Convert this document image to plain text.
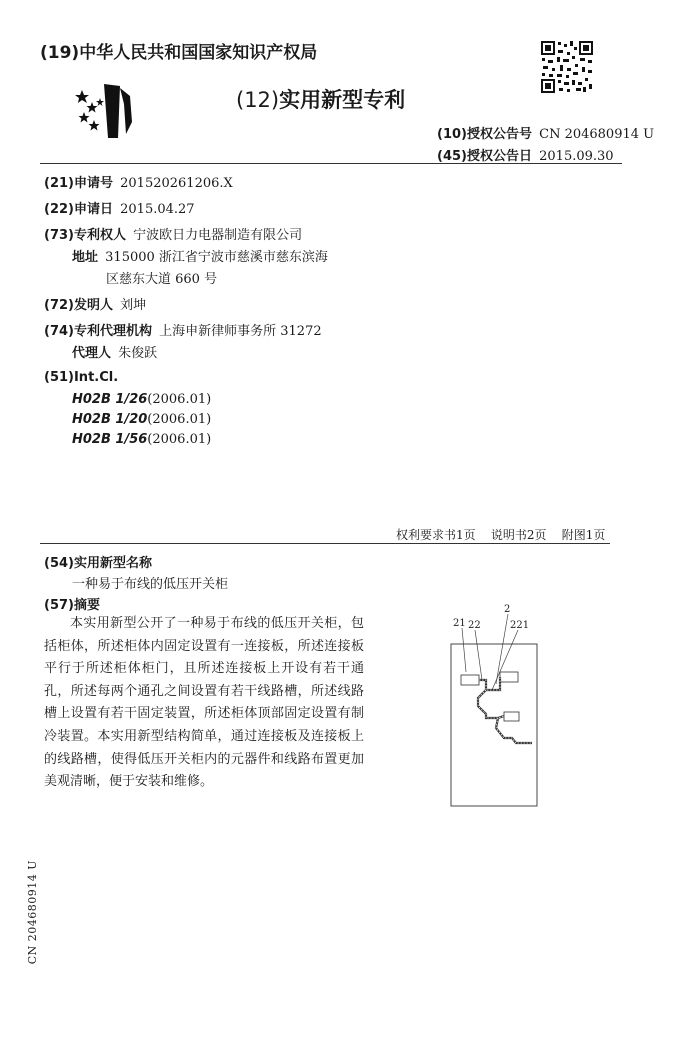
(19)中华人民共和国国家知识产权局
(12)实用新型专利
(10)授权公告号 CN 204680914 U
(45)授权公告日 2015.09.30
(21)申请号 201520261206.X
(22)申请日 2015.04.27
(73)专利权人 宁波欧日力电器制造有限公司
地址 315000 浙江省宁波市慈溪市慈东滨海
区慈东大道 660 号
(72)发明人 刘坤
(74)专利代理机构 上海申新律师事务所 31272
代理人 朱俊跃
(51)Int.Cl.
H02B 1/26(2006.01)
H02B 1/20(2006.01)
H02B 1/56(2006.01)
权利要求书1页    说明书2页    附图1页
(54)实用新型名称
一种易于布线的低压开关柜
(57)摘要
本实用新型公开了一种易于布线的低压开关柜，包括柜体，所述柜体内固定设置有一连接板，所述连接板平行于所述柜体柜门，且所述连接板上开设有若干通孔，所述每两个通孔之间设置有若干线路槽，所述线路槽上设置有若干固定装置，所述柜体顶部固定设置有制冷装置。本实用新型结构简单，通过连接板及连接板上的线路槽，使得低压开关柜内的元器件和线路布置更加美观清晰，便于安装和维修。
2
21 22	221
CN 204680914 U
